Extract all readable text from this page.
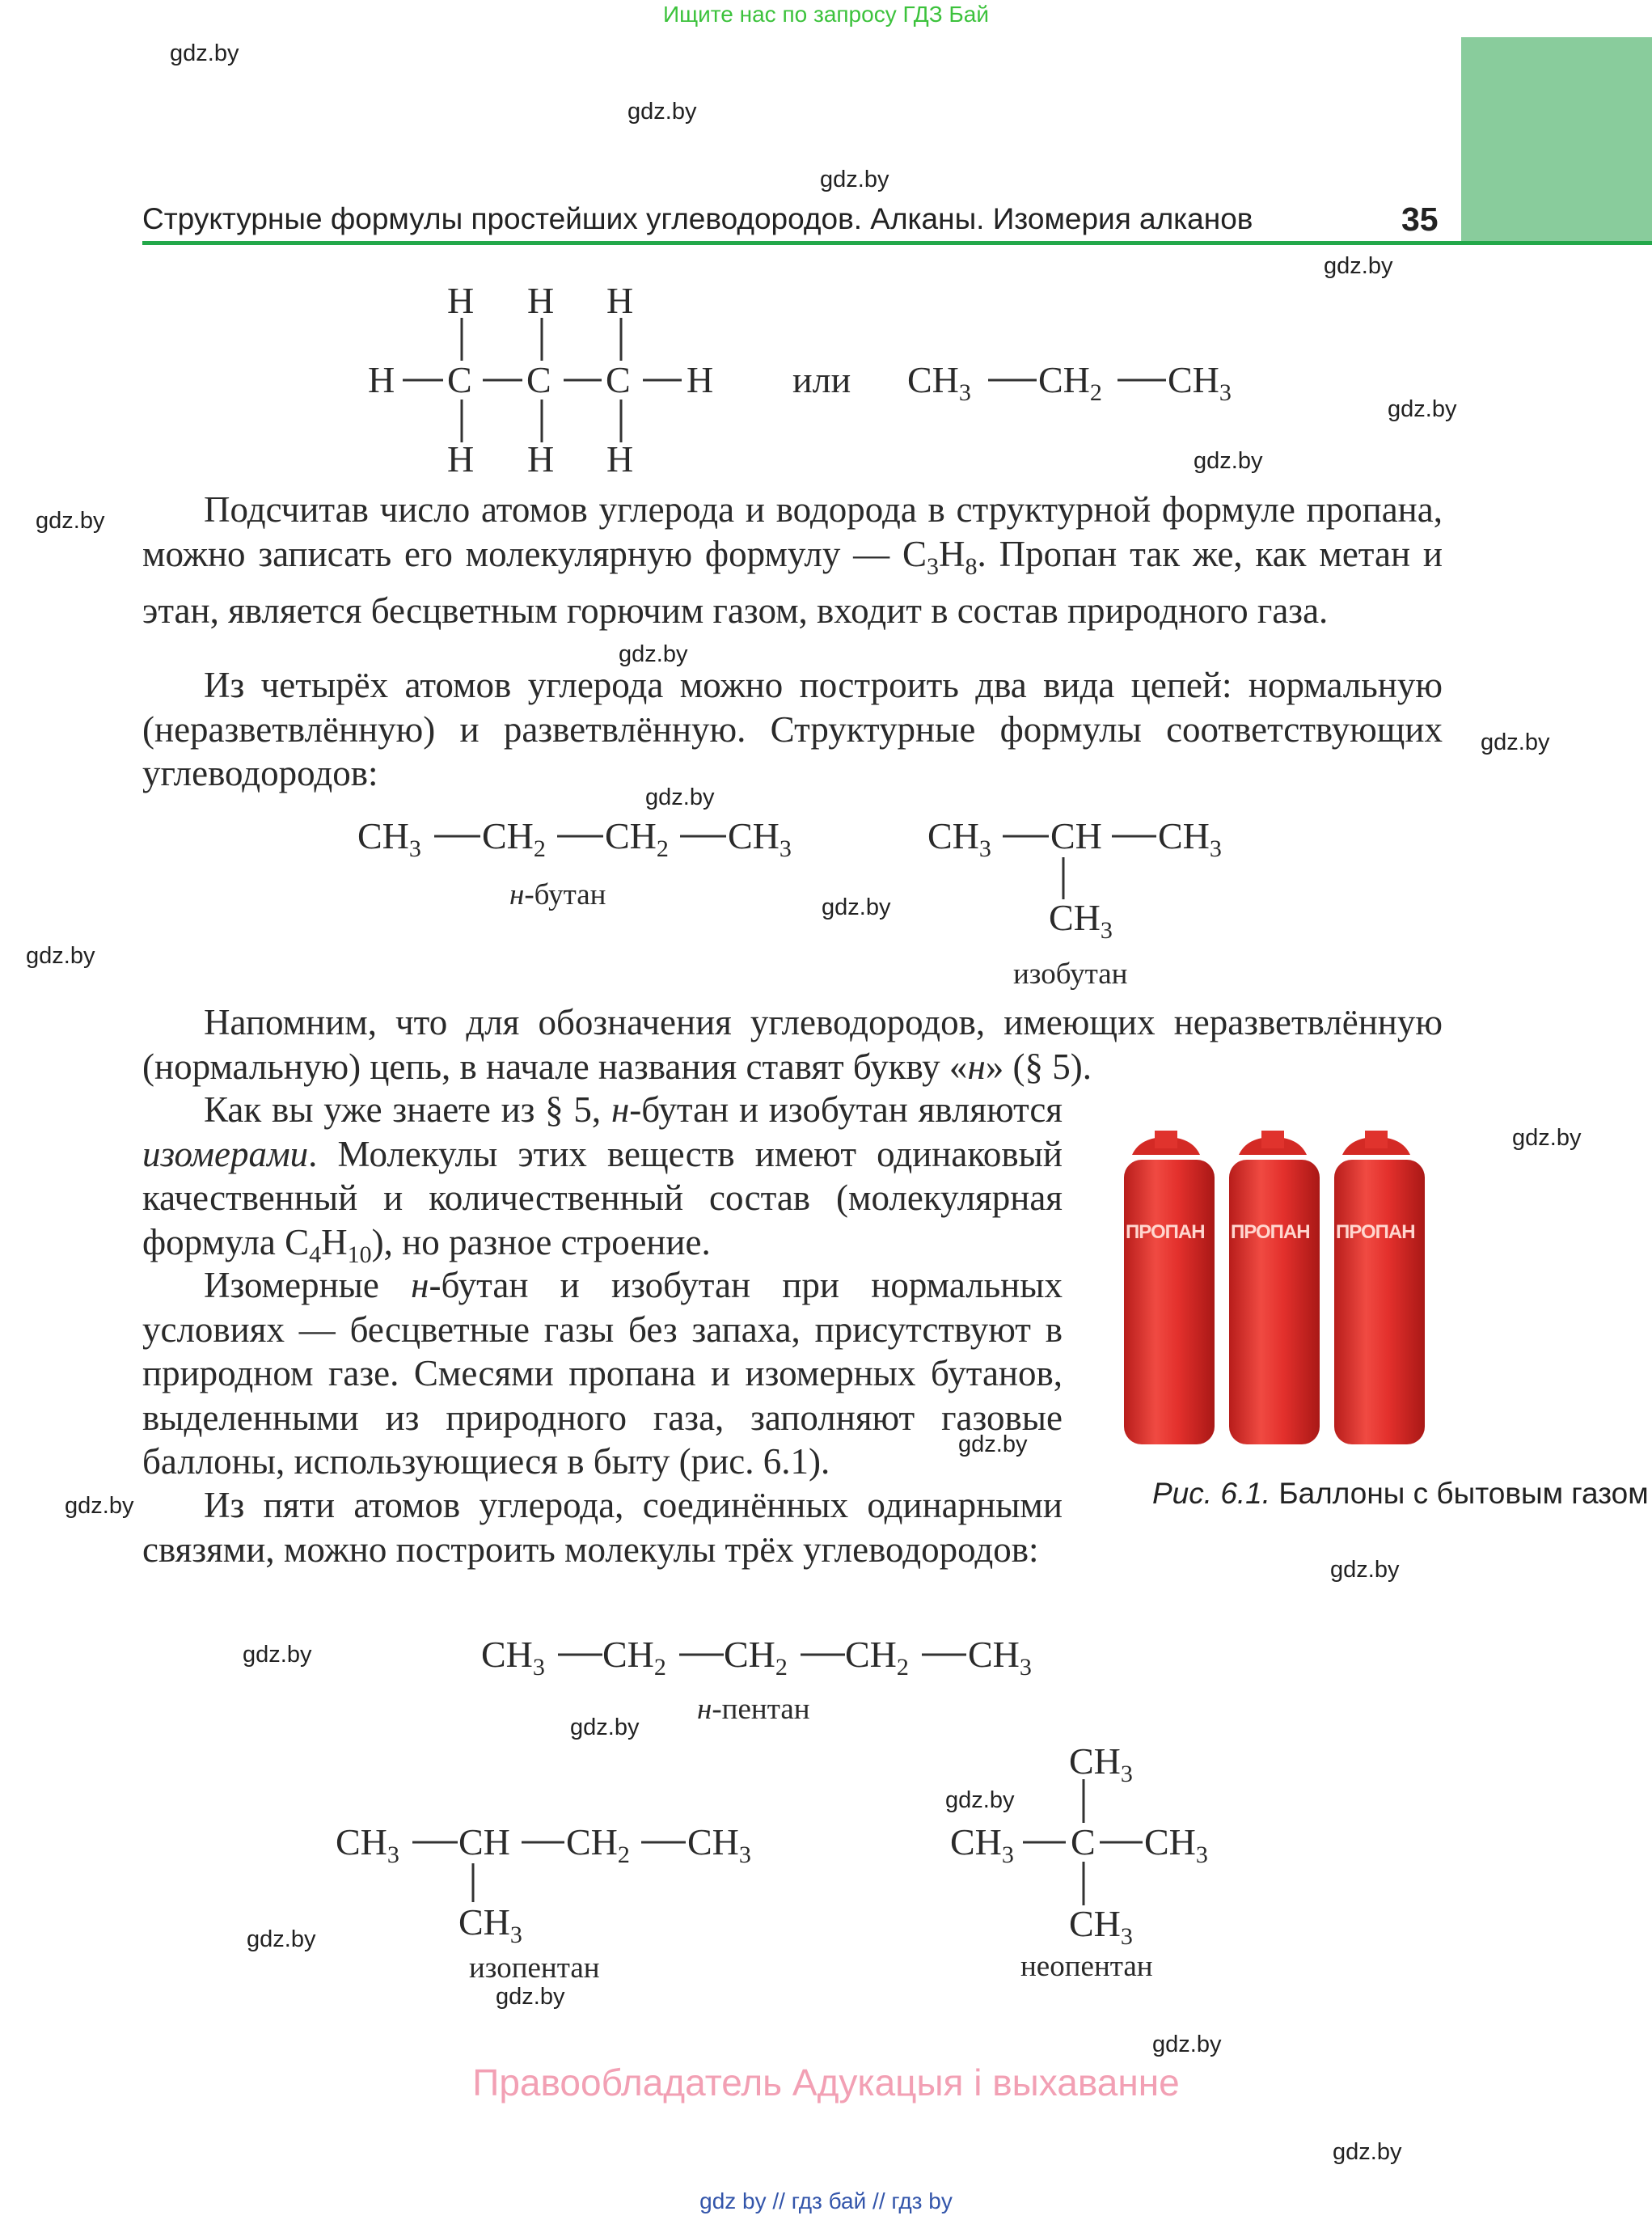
Ищите нас по запросу ГДЗ Бай
gdz.by
gdz.by
gdz.by
gdz.by
gdz.by
gdz.by
gdz.by
gdz.by
gdz.by
gdz.by
gdz.by
gdz.by
gdz.by
gdz.by
gdz.by
gdz.by
gdz.by
gdz.by
gdz.by
gdz.by
gdz.by
gdz.by
gdz.by
Структурные формулы простейших углеводородов. Алканы. Изомерия алканов	35
H H H
H C C C H
H H H
или $CH_3$ $CH_2$ $CH_3$
Подсчитав число атомов углерода и водорода в структурной формуле пропана, можно записать его молекулярную формулу — $C_3H_8$. Пропан так же, как метан и этан, является бесцветным горючим газом, входит в состав природного газа.
Из четырёх атомов углерода можно построить два вида цепей: нормальную (неразветвлённую) и разветвлённую. Структурные формулы соответствующих углеводородов:
$CH_3$ $CH_2$ $CH_2$ $CH_3$
н-бутан
$CH_3$ CH $CH_3$
$CH_3$
изобутан
Напомним, что для обозначения углеводородов, имеющих неразветвлённую (нормальную) цепь, в начале названия ставят букву «н» (§ 5).
Как вы уже знаете из § 5, н-бутан и изобутан являются изомерами. Молекулы этих веществ имеют одинаковый качественный и количественный состав (молекулярная формула $C_4H_{10}$), но разное строение.
Изомерные н-бутан и изобутан при нормальных условиях — бесцветные газы без запаха, присутствуют в природном газе. Смесями пропана и изомерных бутанов, выделенными из природного газа, заполняют газовые баллоны, использующиеся в быту (рис. 6.1).
Из пяти атомов углерода, соединённых одинарными связями, можно построить молекулы трёх углеводородов:
ПРОПАН ПРОПАН ПРОПАН
Рис. 6.1. Баллоны с бытовым газом
$CH_3$ $CH_2$ $CH_2$ $CH_2$ $CH_3$
н-пентан
$CH_3$ CH $CH_2$ $CH_3$
$CH_3$
изопентан
$CH_3$
$CH_3$ C $CH_3$
$CH_3$
неопентан
Правообладатель Адукацыя і выхаванне
gdz by // гдз бай // гдз by
